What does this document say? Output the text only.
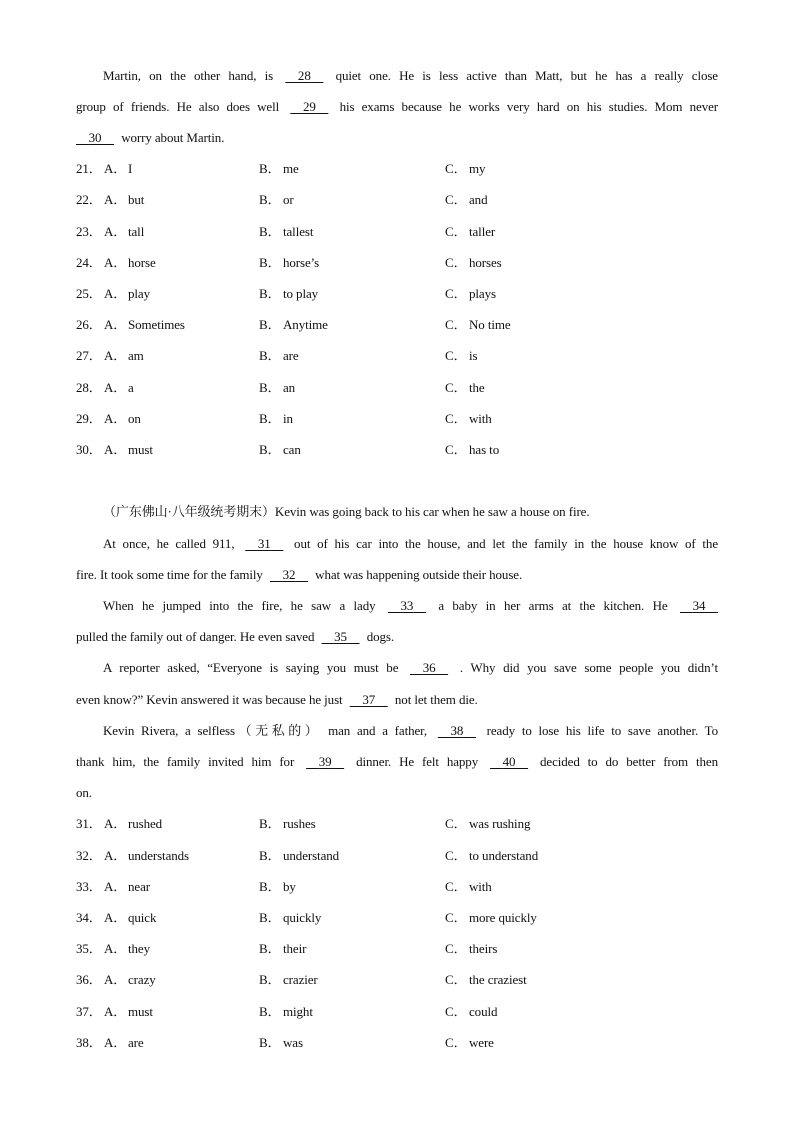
Martin, on the other hand, is 28 quiet one. He is less active than Matt, but he has a really close
group of friends. He also does well 29 his exams because he works very hard on his studies. Mom never
30 worry about Martin.
21． A． I	B． me	C． my
22． A． but	B． or	C． and
23． A． tall	B． tallest	C． taller
24． A． horse	B． horse’s	C． horses
25． A． play	B． to play	C． plays
26． A． Sometimes	B． Anytime	C． No time
27． A． am	B． are	C． is
28． A． a	B． an	C． the
29． A． on	B． in	C． with
30． A． must	B． can	C． has to
（广东佛山·八年级统考期末）Kevin was going back to his car when he saw a house on fire.
At once, he called 911, 31 out of his car into the house, and let the family in the house know of the
fire. It took some time for the family 32 what was happening outside their house.
When he jumped into the fire, he saw a lady 33 a baby in her arms at the kitchen. He 34
pulled the family out of danger. He even saved 35 dogs.
A reporter asked, “Everyone is saying you must be 36 . Why did you save some people you didn’t
even know?” Kevin answered it was because he just 37 not let them die.
Kevin Rivera, a selfless（无私的） man and a father, 38 ready to lose his life to save another. To
thank him, the family invited him for 39 dinner. He felt happy 40 decided to do better from then
on.
31． A． rushed	B． rushes	C． was rushing
32． A． understands	B． understand	C． to understand
33． A． near	B． by	C． with
34． A． quick	B． quickly	C． more quickly
35． A． they	B． their	C． theirs
36． A． crazy	B． crazier	C． the craziest
37． A． must	B． might	C． could
38． A． are	B． was	C． were
